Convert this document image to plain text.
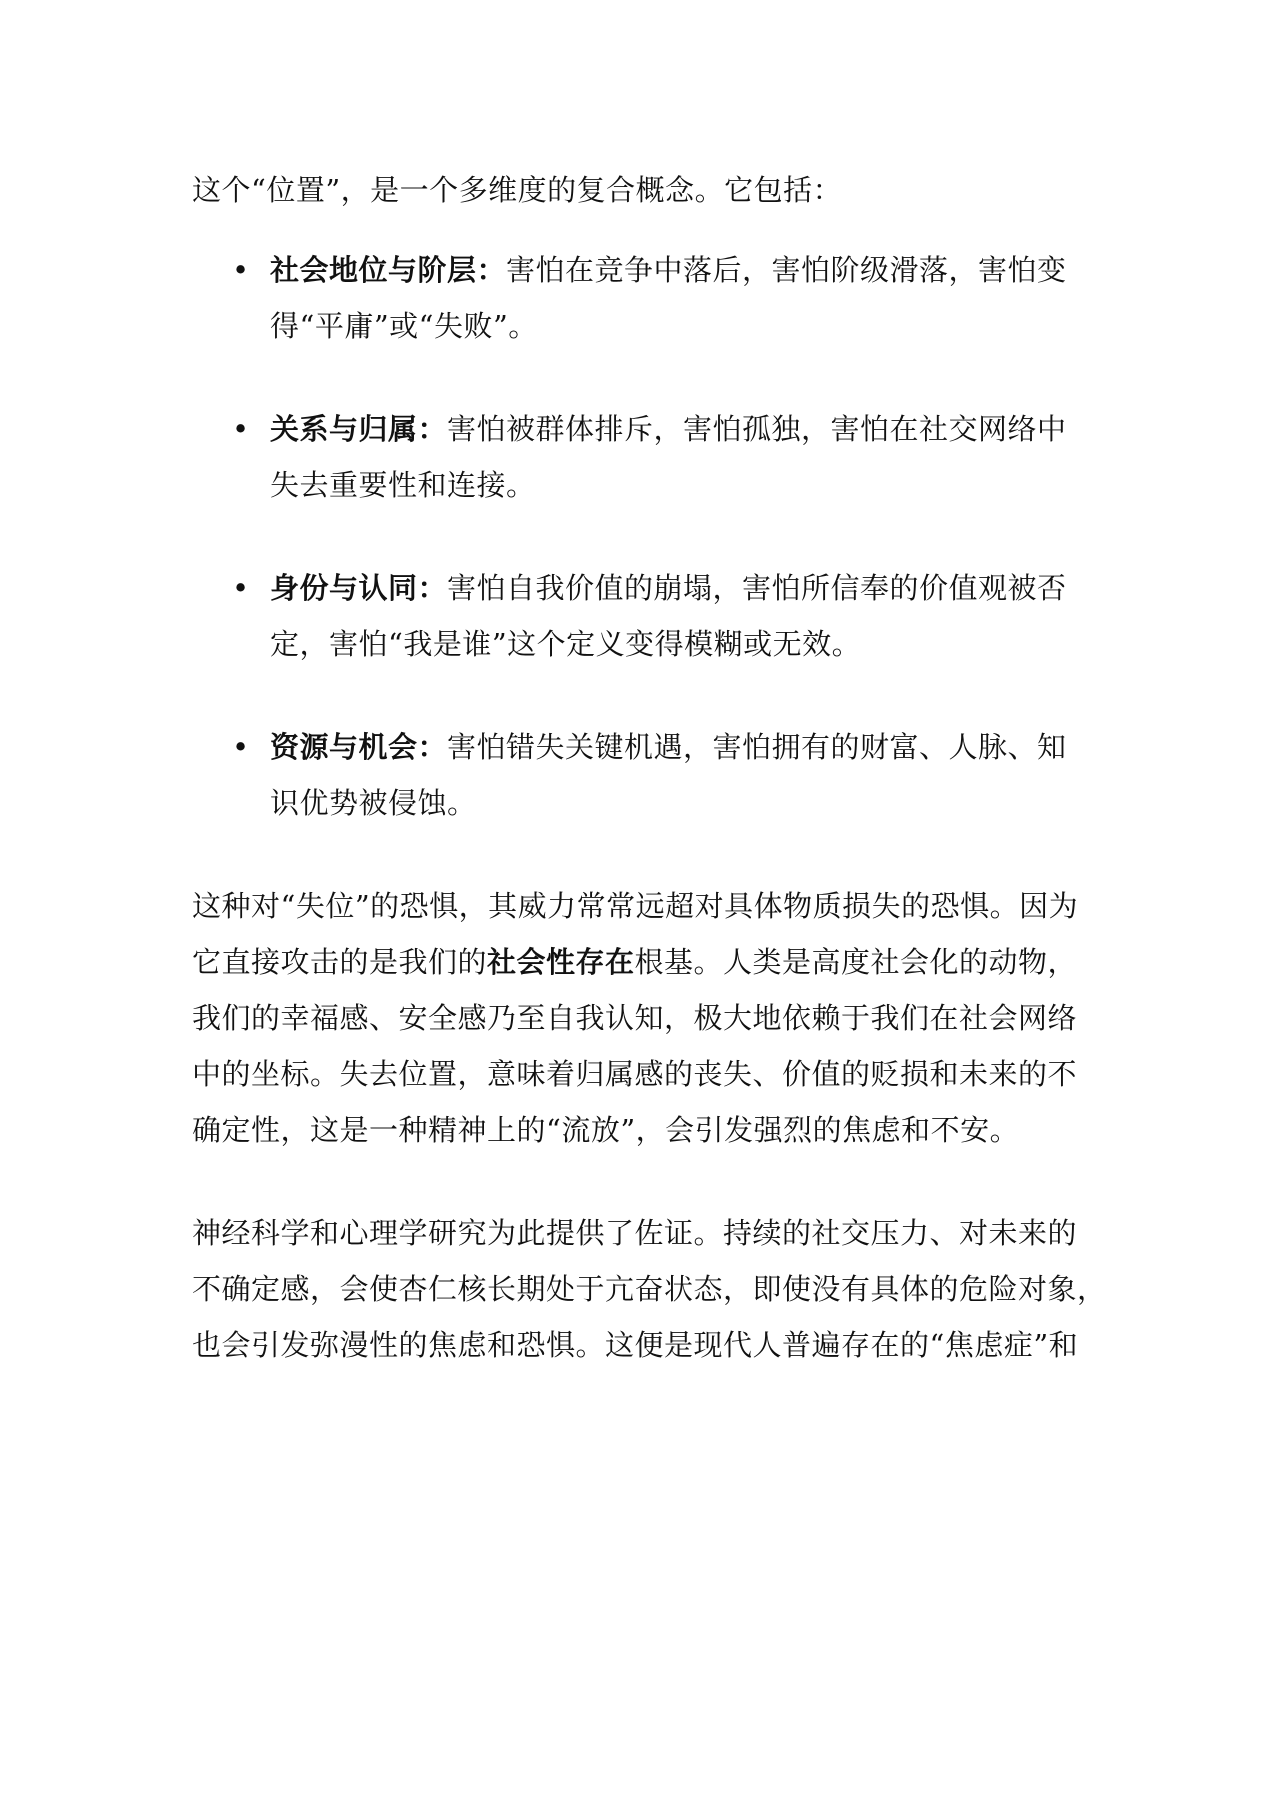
这个“位置”，是一个多维度的复合概念。它包括：
• 社会地位与阶层：害怕在竞争中落后，害怕阶级滑落，害怕变
得“平庸”或“失败”。
• 关系与归属：害怕被群体排斥，害怕孤独，害怕在社交网络中
失去重要性和连接。
• 身份与认同：害怕自我价值的崩塌，害怕所信奉的价值观被否
定，害怕“我是谁”这个定义变得模糊或无效。
• 资源与机会：害怕错失关键机遇，害怕拥有的财富、人脉、知
识优势被侵蚀。
这种对“失位”的恐惧，其威力常常远超对具体物质损失的恐惧。因为
它直接攻击的是我们的社会性存在根基。人类是高度社会化的动物，
我们的幸福感、安全感乃至自我认知，极大地依赖于我们在社会网络
中的坐标。失去位置，意味着归属感的丧失、价值的贬损和未来的不
确定性，这是一种精神上的“流放”，会引发强烈的焦虑和不安。
神经科学和心理学研究为此提供了佐证。持续的社交压力、对未来的
不确定感，会使杏仁核长期处于亢奋状态，即使没有具体的危险对象，
也会引发弥漫性的焦虑和恐惧。这便是现代人普遍存在的“焦虑症”和
